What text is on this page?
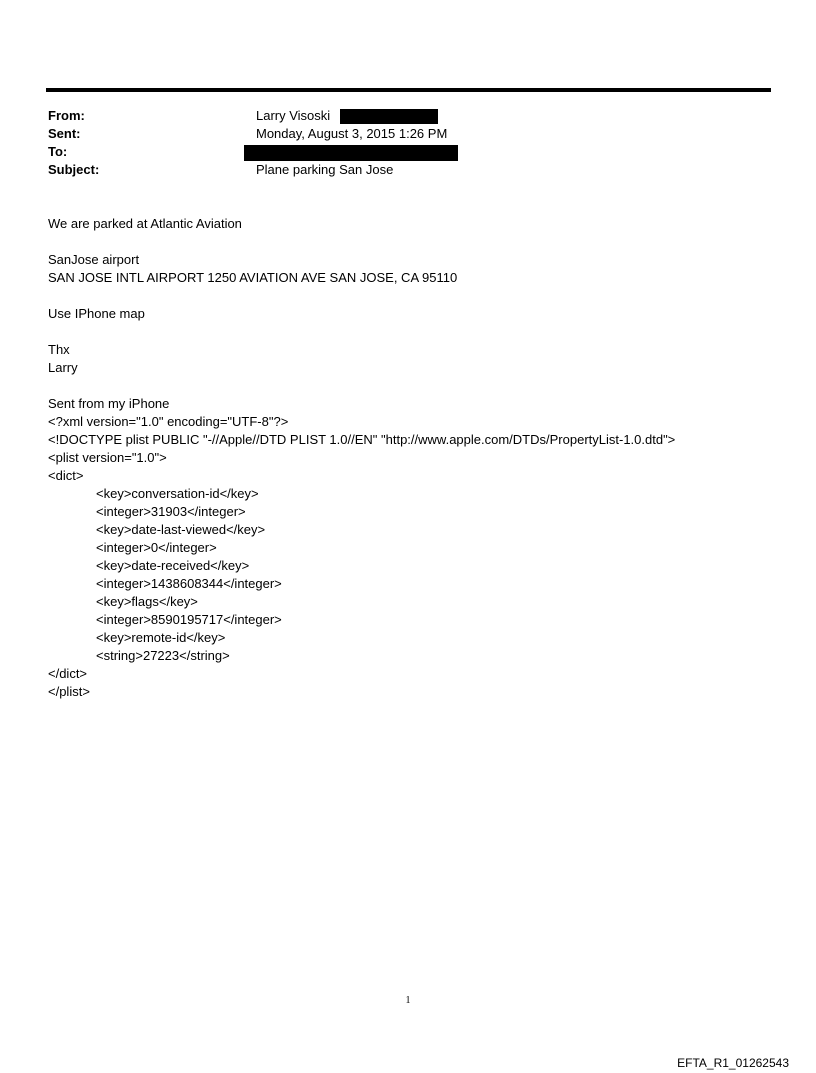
From:	Larry Visoski
Sent:	Monday, August 3, 2015 1:26 PM
To:
Subject:	Plane parking San Jose
We are parked at Atlantic Aviation
SanJose airport
SAN JOSE INTL AIRPORT 1250 AVIATION AVE SAN JOSE, CA 95110
Use IPhone map
Thx
Larry
Sent from my iPhone
<?xml version="1.0" encoding="UTF-8"?>
<!DOCTYPE plist PUBLIC "-//Apple//DTD PLIST 1.0//EN" "http://www.apple.com/DTDs/PropertyList-1.0.dtd">
<plist version="1.0">
<dict>
<key>conversation-id</key>
<integer>31903</integer>
<key>date-last-viewed</key>
<integer>0</integer>
<key>date-received</key>
<integer>1438608344</integer>
<key>flags</key>
<integer>8590195717</integer>
<key>remote-id</key>
<string>27223</string>
</dict>
</plist>
1
EFTA_R1_01262543
